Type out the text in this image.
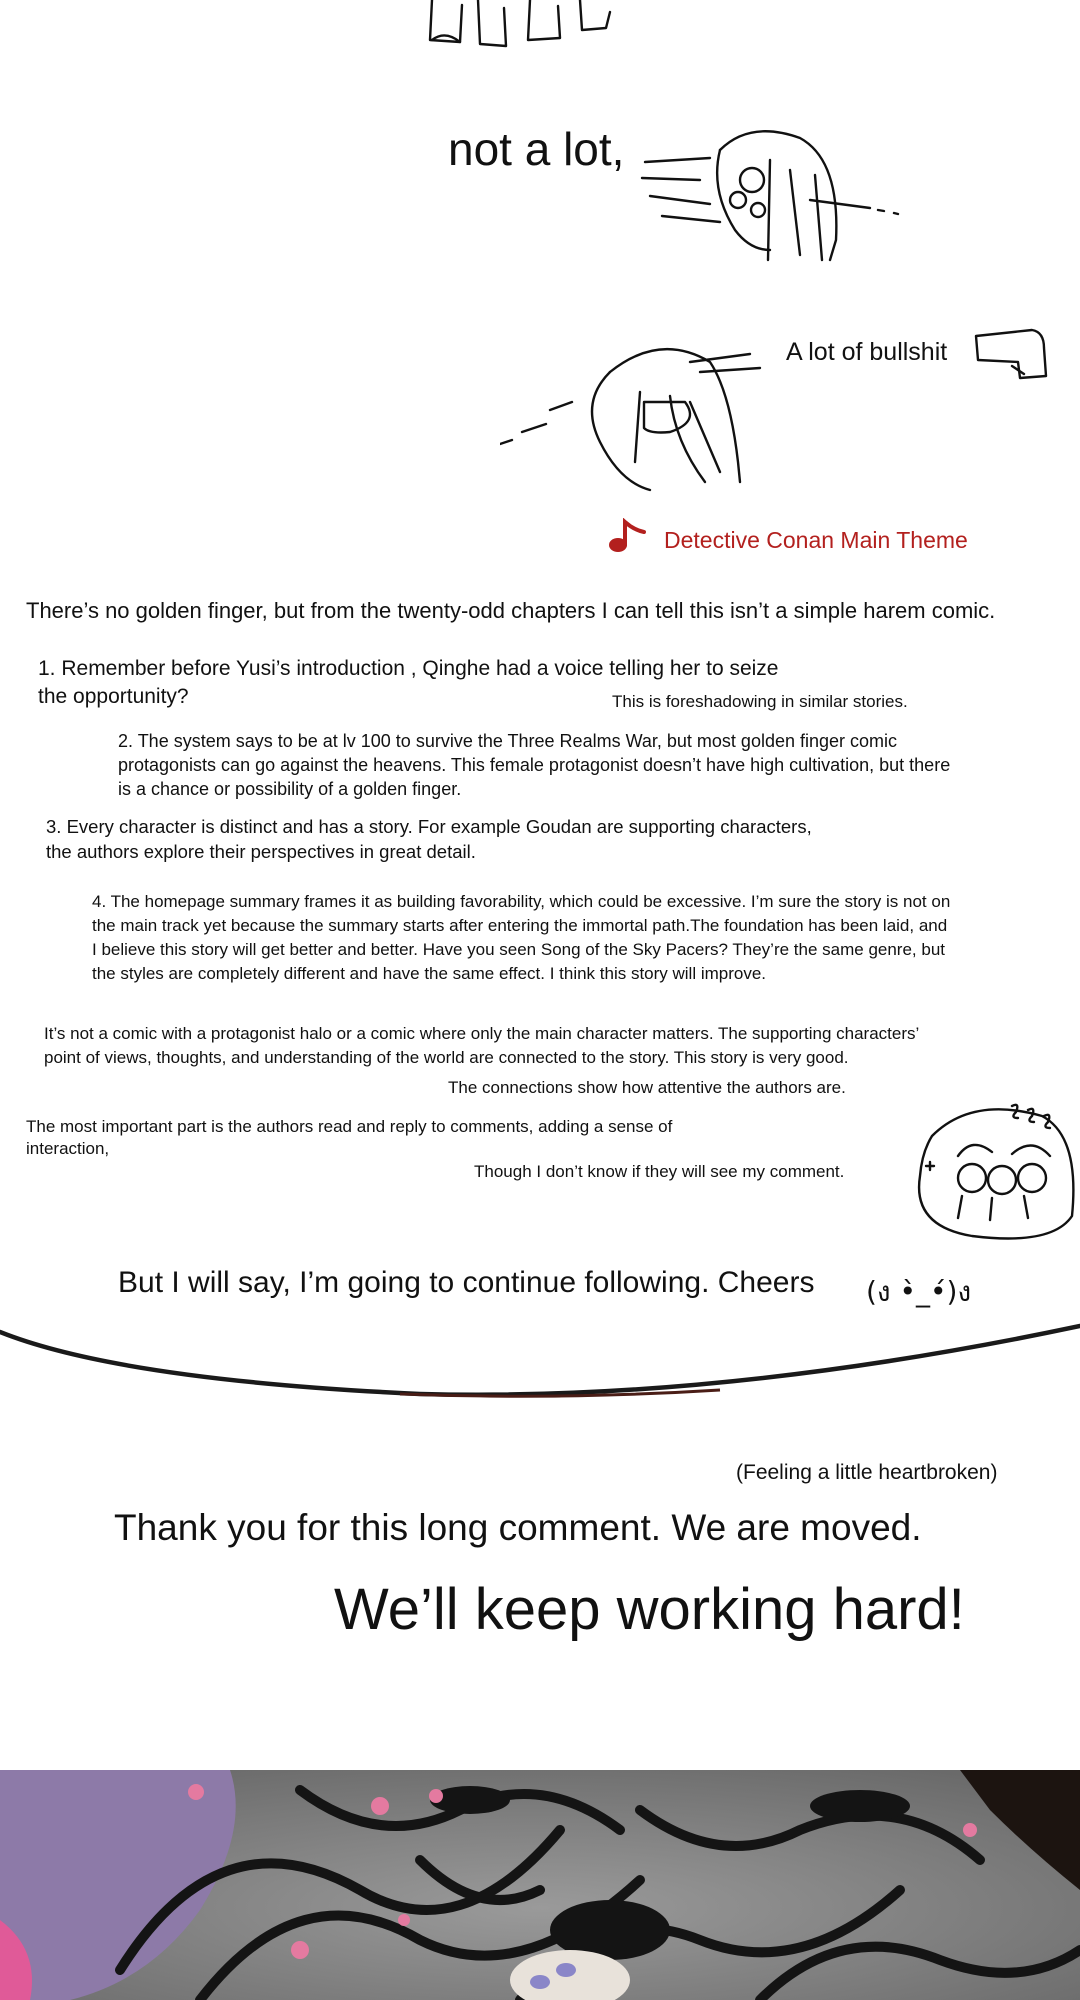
not a lot,
A lot of bullshit
Detective Conan Main Theme
There’s no golden finger, but from the twenty-odd chapters I can tell this isn’t a simple harem comic.
1. Remember before Yusi’s introduction , Qinghe had a voice telling her to seize
the opportunity?	This is foreshadowing in similar stories.
2. The system says to be at lv 100 to survive the Three Realms War, but most golden finger comic
protagonists can go against the heavens. This female protagonist doesn’t have high cultivation, but there
is a chance or possibility of a golden finger.
3. Every character is distinct and has a story. For example Goudan are supporting characters,
the authors explore their perspectives in great detail.
4. The homepage summary frames it as building favorability, which could be excessive. I’m sure the story is not on
the main track yet because the summary starts after entering the immortal path.The foundation has been laid, and
I believe this story will get better and better. Have you seen Song of the Sky Pacers? They’re the same genre, but
the styles are completely different and have the same effect. I think this story will improve.
It’s not a comic with a protagonist halo or a comic where only the main character matters. The supporting characters’
point of views, thoughts, and understanding of the world are connected to the story. This story is very good.
The connections show how attentive the authors are.
The most important part is the authors read and reply to comments, adding a sense of
interaction,
Though I don’t know if they will see my comment.
But I will say, I’m going to continue following. Cheers (ง •̀_•́)ง
(Feeling a little heartbroken)
Thank you for this long comment. We are moved.
We’ll keep working hard!
